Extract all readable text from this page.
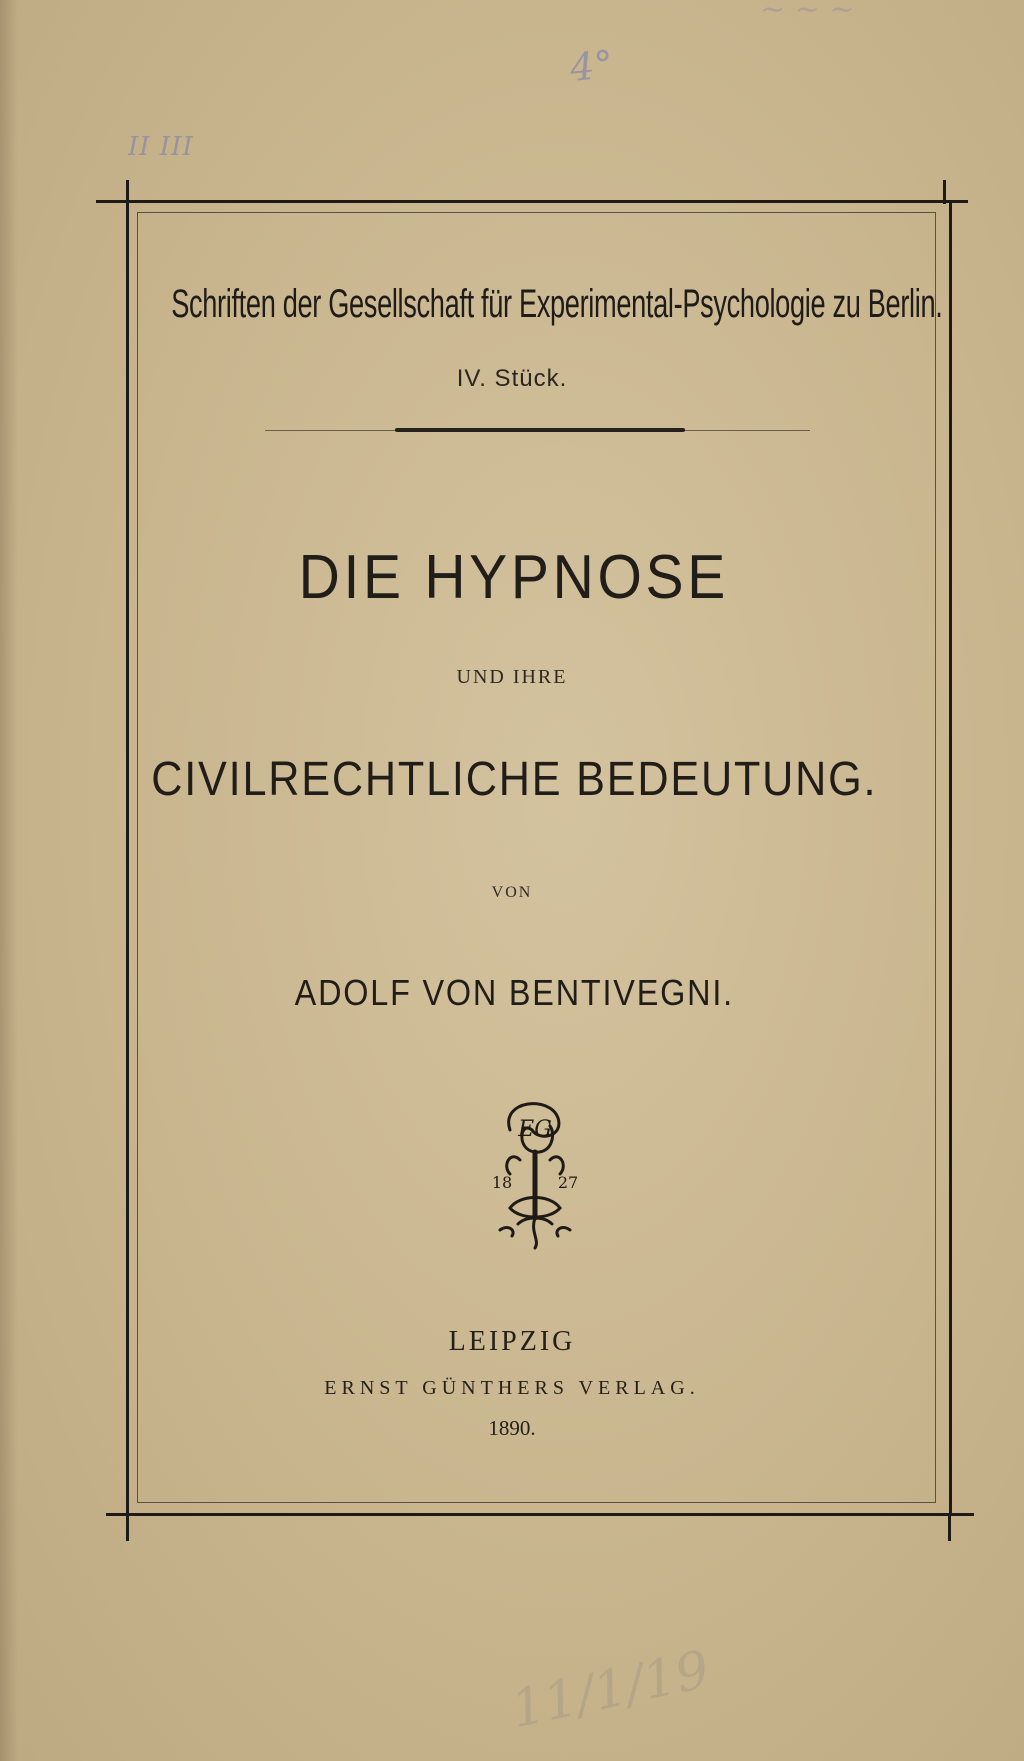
~ ~ ~
4°
II III
Schriften der Gesellschaft für Experimental-Psychologie zu Berlin.
IV. Stück.
DIE HYPNOSE
UND IHRE
CIVILRECHTLICHE BEDEUTUNG.
VON
ADOLF VON BENTIVEGNI.
EG
18	27
LEIPZIG
ERNST GÜNTHERS VERLAG.
1890.
11/1/19
